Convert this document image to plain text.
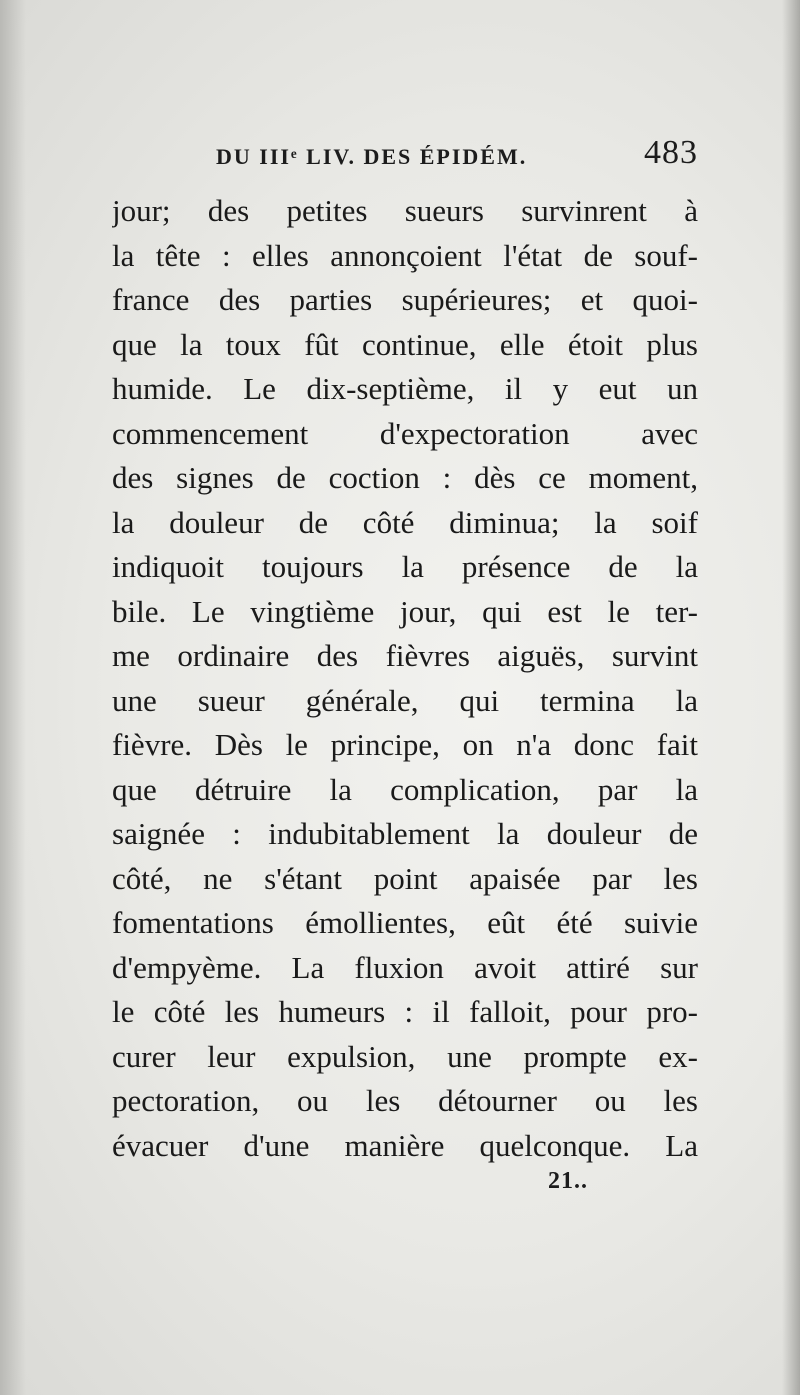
DU IIIᵉ LIV. DES ÉPIDÉM.	483
jour; des petites sueurs survinrent à
la tête : elles annonçoient l'état de souf-
france des parties supérieures; et quoi-
que la toux fût continue, elle étoit plus
humide. Le dix-septième, il y eut un
commencement d'expectoration avec
des signes de coction : dès ce moment,
la douleur de côté diminua; la soif
indiquoit toujours la présence de la
bile. Le vingtième jour, qui est le ter-
me ordinaire des fièvres aiguës, survint
une sueur générale, qui termina la
fièvre. Dès le principe, on n'a donc fait
que détruire la complication, par la
saignée : indubitablement la douleur de
côté, ne s'étant point apaisée par les
fomentations émollientes, eût été suivie
d'empyème. La fluxion avoit attiré sur
le côté les humeurs : il falloit, pour pro-
curer leur expulsion, une prompte ex-
pectoration, ou les détourner ou les
évacuer d'une manière quelconque. La
21..
